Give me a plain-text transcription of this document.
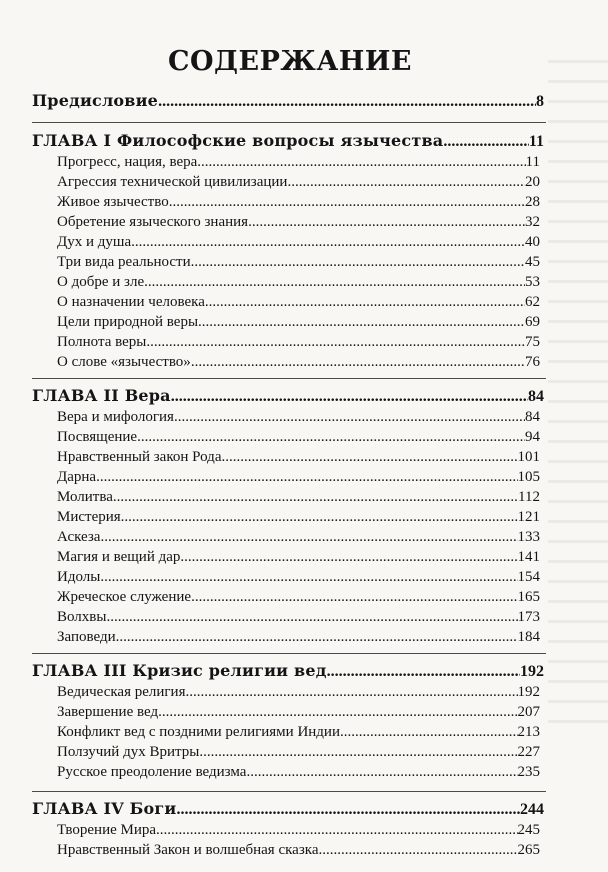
СОДЕРЖАНИЕ
Предисловие .....	8
ГЛАВА I Философские вопросы язычества .....	11
Прогресс, нация, вера .....	11
Агрессия технической цивилизации .....	20
Живое язычество .....	28
Обретение языческого знания .....	32
Дух и душа .....	40
Три вида реальности .....	45
О добре и зле .....	53
О назначении человека .....	62
Цели природной веры .....	69
Полнота веры .....	75
О слове «язычество» .....	76
ГЛАВА II Вера .....	84
Вера и мифология .....	84
Посвящение .....	94
Нравственный закон Рода .....	101
Дарна .....	105
Молитва .....	112
Мистерия .....	121
Аскеза .....	133
Магия и вещий дар .....	141
Идолы .....	154
Жреческое служение .....	165
Волхвы .....	173
Заповеди .....	184
ГЛАВА III Кризис религии вед .....	192
Ведическая религия .....	192
Завершение вед .....	207
Конфликт вед с поздними религиями Индии .....	213
Ползучий дух Вритры .....	227
Русское преодоление ведизма .....	235
ГЛАВА IV Боги .....	244
Творение Мира .....	245
Нравственный Закон и волшебная сказка .....	265
